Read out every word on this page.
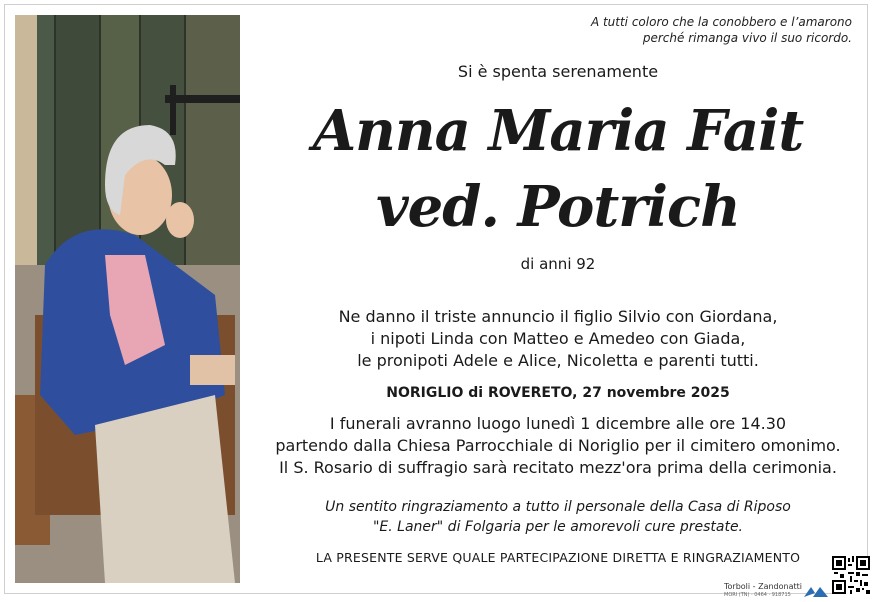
A tutti coloro che la conobbero e l’amarono
perché rimanga vivo il suo ricordo.
Si è spenta serenamente
Anna Maria Fait
ved. Potrich
di anni 92
Ne danno il triste annuncio il figlio Silvio con Giordana,
i nipoti Linda con Matteo e Amedeo con Giada,
le pronipoti Adele e Alice, Nicoletta e parenti tutti.
NORIGLIO di ROVERETO, 27 novembre 2025
I funerali avranno luogo lunedì 1 dicembre alle ore 14.30
partendo dalla Chiesa Parrocchiale di Noriglio per il cimitero omonimo.
Il S. Rosario di suffragio sarà recitato mezz'ora prima della cerimonia.
Un sentito ringraziamento a tutto il personale della Casa di Riposo
"E. Laner" di Folgaria per le amorevoli cure prestate.
LA PRESENTE SERVE QUALE PARTECIPAZIONE DIRETTA E RINGRAZIAMENTO
Torboli - Zandonatti
MORI (TN) · 0464 · 918715
